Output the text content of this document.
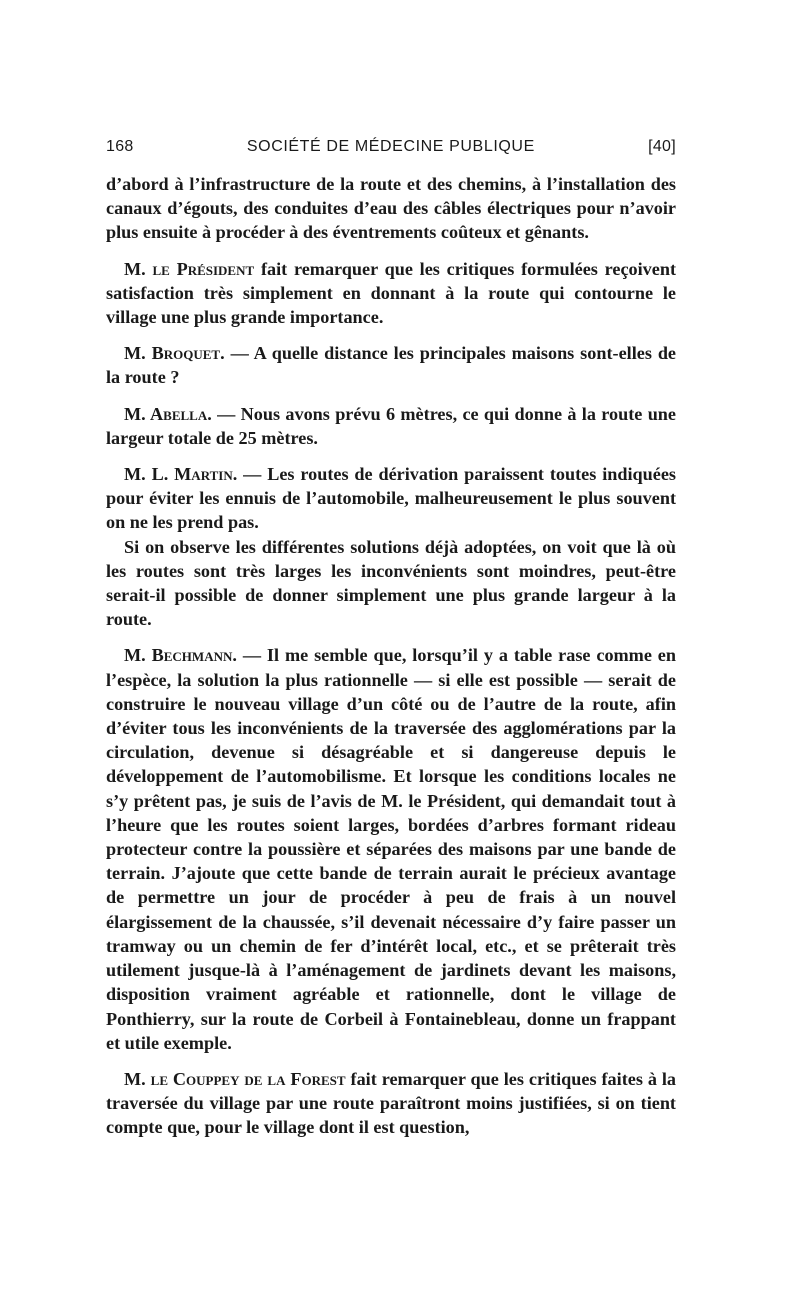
168	SOCIÉTÉ DE MÉDECINE PUBLIQUE	[40]

d’abord à l’infrastructure de la route et des chemins, à l’installation des canaux d’égouts, des conduites d’eau des câbles électriques pour n’avoir plus ensuite à procéder à des éventrements coûteux et gênants.

M. le Président fait remarquer que les critiques formulées reçoivent satisfaction très simplement en donnant à la route qui contourne le village une plus grande importance.

M. Broquet. — A quelle distance les principales maisons sont-elles de la route ?

M. Abella. — Nous avons prévu 6 mètres, ce qui donne à la route une largeur totale de 25 mètres.

M. L. Martin. — Les routes de dérivation paraissent toutes indiquées pour éviter les ennuis de l’automobile, malheureusement le plus souvent on ne les prend pas.

Si on observe les différentes solutions déjà adoptées, on voit que là où les routes sont très larges les inconvénients sont moindres, peut-être serait-il possible de donner simplement une plus grande largeur à la route.

M. Bechmann. — Il me semble que, lorsqu’il y a table rase comme en l’espèce, la solution la plus rationnelle — si elle est possible — serait de construire le nouveau village d’un côté ou de l’autre de la route, afin d’éviter tous les inconvénients de la traversée des agglomérations par la circulation, devenue si désagréable et si dangereuse depuis le développement de l’automobilisme. Et lorsque les conditions locales ne s’y prêtent pas, je suis de l’avis de M. le Président, qui demandait tout à l’heure que les routes soient larges, bordées d’arbres formant rideau protecteur contre la poussière et séparées des maisons par une bande de terrain. J’ajoute que cette bande de terrain aurait le précieux avantage de permettre un jour de procéder à peu de frais à un nouvel élargissement de la chaussée, s’il devenait nécessaire d’y faire passer un tramway ou un chemin de fer d’intérêt local, etc., et se prêterait très utilement jusque-là à l’aménagement de jardinets devant les maisons, disposition vraiment agréable et rationnelle, dont le village de Ponthierry, sur la route de Corbeil à Fontainebleau, donne un frappant et utile exemple.

M. le Couppey de la Forest fait remarquer que les critiques faites à la traversée du village par une route paraîtront moins justifiées, si on tient compte que, pour le village dont il est question,
